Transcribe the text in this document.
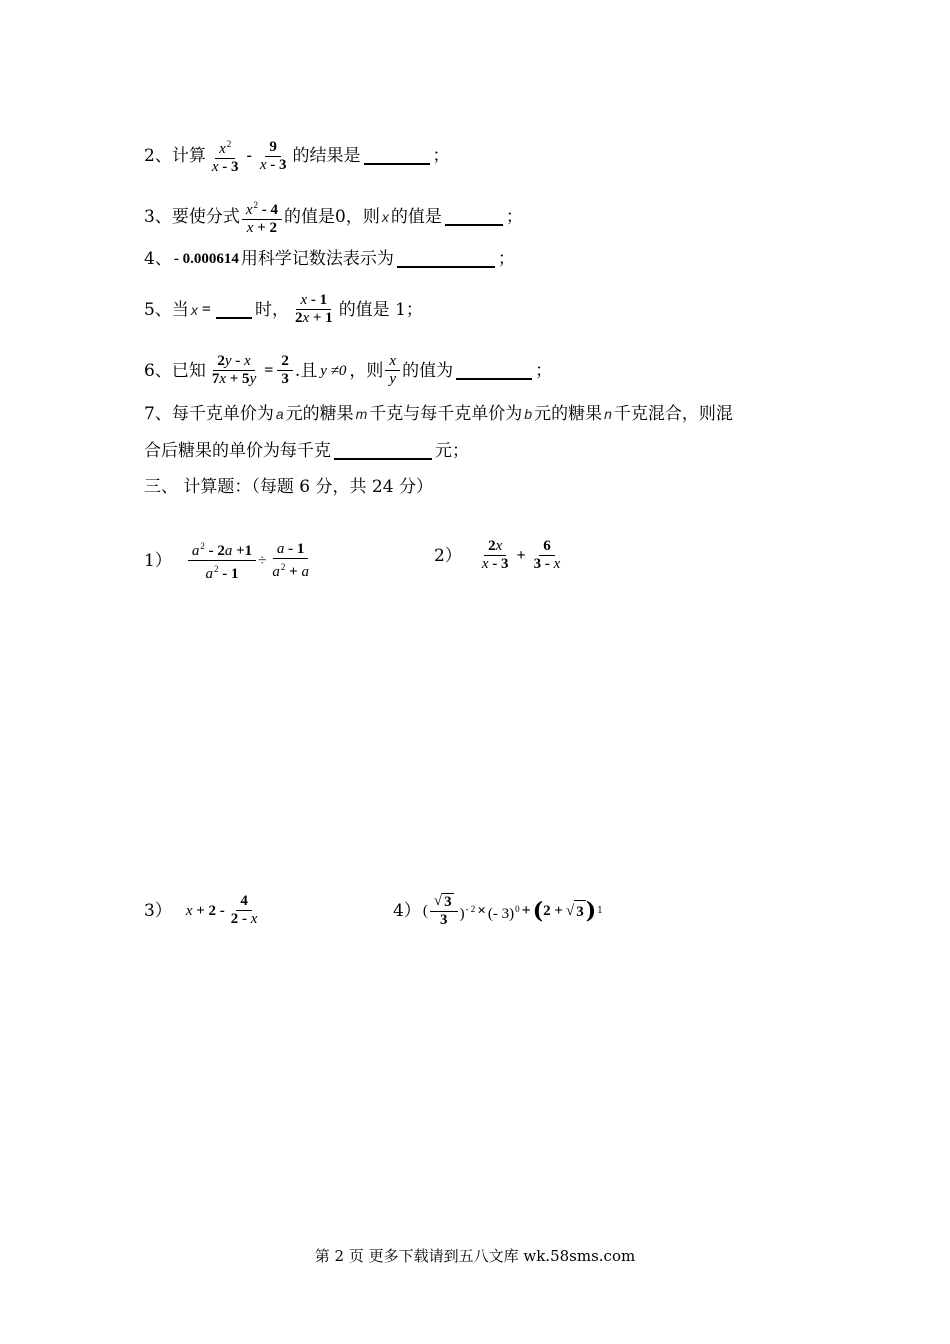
2 、计算 $\frac{x^2}{x - 3} - \frac{9}{x - 3}$ 的结果是	；
3 、要使分式 $\frac{x^2 - 4}{x + 2}$ 的值是0，则 x 的值是	；
4 、 - 0.000614 用科学记数法表示为	；
5 、当 x =	时， $\frac{x - 1}{2x + 1}$ 的值是 1；
6 、已知 $\frac{2y - x}{7x + 5y} = \frac{2}{3}$ .且 y ≠0 ，则 $\frac{x}{y}$ 的值为	；
7、每千克单价为 a 元的糖果 m 千克与每千克单价为 b 元的糖果 n 千克混合，则混
合后糖果的单价为每千克	元；
三、 计算题：（每题 6 分，共 24 分）
$1) \frac{a^2 - 2a +1}{a^2 - 1} \div \frac{a - 1}{a^2 + a}$	$2) \frac{2x}{x - 3} + \frac{6}{3 - x}$
3） $x + 2 - \frac{4}{2 - x}$	4） ( $\frac{√ 3}{3} )^{- 2}$ × (- 3)$^0$ + ( 2 + √ 3 ) 1
第 2 页 更多下载请到五八文库 wk.58sms.com
